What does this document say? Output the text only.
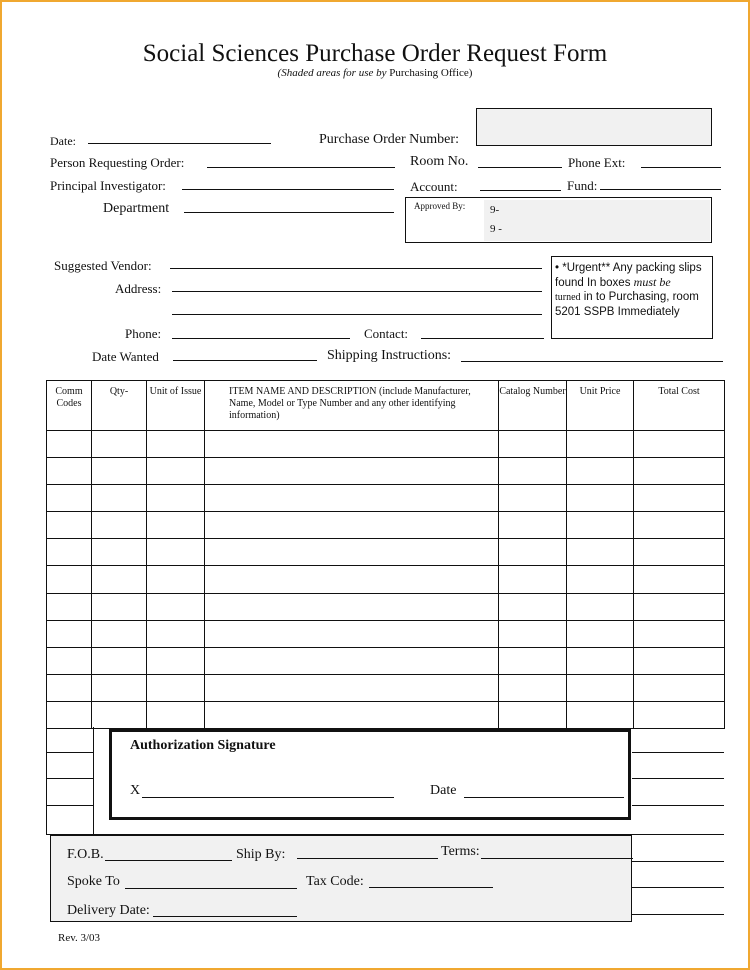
Social Sciences Purchase Order Request Form
(Shaded areas for use by Purchasing Office)
Date:	Purchase Order Number:
Person Requesting Order:	Room No.	Phone Ext:
Principal Investigator:	Account:	Fund:
Department	Approved By: 9-
9 -
• *Urgent** Any packing slips
found In boxes must be
turned in to Purchasing, room
5201 SSPB Immediately
Suggested Vendor:
Address:
Phone:	Contact:
Date Wanted	Shipping Instructions:
Comm Codes	Qty-	Unit of Issue	ITEM NAME AND DESCRIPTION (include Manufacturer, Name, Model or Type Number and any other identifying information)	Catalog Number	Unit Price	Total Cost

Authorization Signature
X	Date
F.O.B.	Ship By:	Terms:
Spoke To	Tax Code:
Delivery Date:
Rev. 3/03
